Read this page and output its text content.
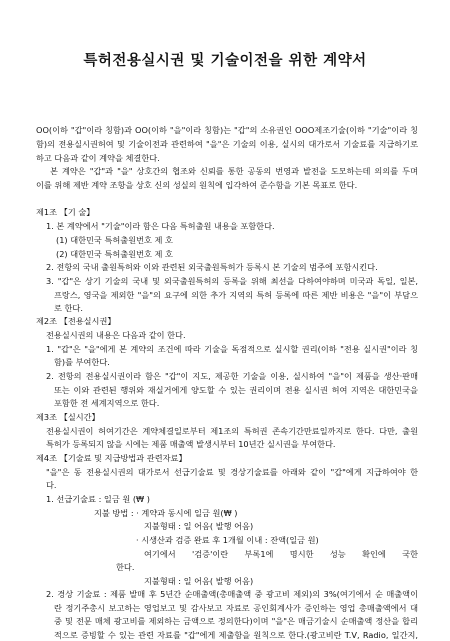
특허전용실시권 및 기술이전을 위한 계약서
OO(이하 "갑"이라 칭함)과 OO(이하 "을"이라 칭함)는 "갑"의 소유권인 OOO제조기술(이하 "기술"이라 칭
함)의 전용실시권허여 및 기술이전과 관련하여 "을"은 기술의 이용, 실시의 대가로서 기술료를 지급하기로
하고 다음과 같이 계약을 체결한다.
본 계약은 "갑"과 "을" 상호간의 협조와 신뢰를 통한 공동의 번영과 발전을 도모하는데 의의를 두며
이를 위해 제반 계약 조항을 상호 신의 성실의 원칙에 입각하여 준수함을 기본 목표로 한다.
제1조 【기 술】
1. 본 계약에서 "기술"이라 함은 다음 특허출원 내용을 포함한다.
(1) 대한민국 특허출원번호 제 호
(2) 대한민국 특허출원번호 제 호
2. 전항의 국내 출원특허와 이와 관련된 외국출원특허가 등록시 본 기술의 범주에 포함시킨다.
3. "갑"은 상기 기술의 국내 및 외국출원특허의 등록을 위해 최선을 다하여야하며 미국과 독일, 일본,
프랑스, 영국을 제외한 "을"의 요구에 의한 추가 지역의 특허 등록에 따른 제반 비용은 "을"이 부담으
로 한다.
제2조 【전용실시권】
전용실시권의 내용은 다음과 같이 한다.
1. "갑"은 "을"에게 본 계약의 조건에 따라 기술을 독점적으로 실시할 권리(이하 "전용 실시권"이라 칭
함)를 부여한다.
2. 전항의 전용실시권이라 함은 "갑"이 지도, 제공한 기술을 이용, 실시하여 "을"이 제품을 생산·판매
또는 이와 관련된 행위와 재실거에게 양도할 수 있는 권리이며 전용 실시권 허여 지역은 대한민국을
포함한 전 세계지역으로 한다.
제3조 【실시간】
전용실시권이 허여기간은 계약체결일로부터 제1조의 특허권 존속기간만료일까지로 한다. 다만, 출원
특허가 등록되지 않을 시에는 제품 매출액 발생시부터 10년간 실시권을 부여한다.
제4조 【기술료 및 지급방법과 관련자료】
"을"은 동 전용실시권의 대가로서 선급기술료 및 경상기술료를 아래와 같이 "갑"에게 지급하여야 한
다.
1. 선급기술료 : 일금 원 (₩ )
지불 방법 : · 계약과 동시에 일금 원(₩ )
지불형태 : 일 어음( 발행 어음)
· 시생산과 검증 완료 후 1개월 이내 : 잔액(일금 원)
여기에서 '검증'이란 부록1에 명시한 성능 확인에 국한
한다.
지불형태 : 일 어음( 발행 어음)
2. 경상 기술료 : 제품 발매 후 5년간 순매출액(총매출액 중 광고비 제외)의 3%(여기에서 순 매출액이
란 정기주총시 보고하는 영업보고 및 감사보고 자료로 공인회계사가 증인하는 영업 총매출액에서 대
중 및 전문 매체 광고비를 제외하는 금액으로 정의한다)이며 "을"은 매금기술시 순매출액 정산을 합리
적으로 증빙할 수 있는 관련 자료를 "갑"에게 제출함을 원칙으로 한다.(광고비란 T.V, Radio, 일간지,
